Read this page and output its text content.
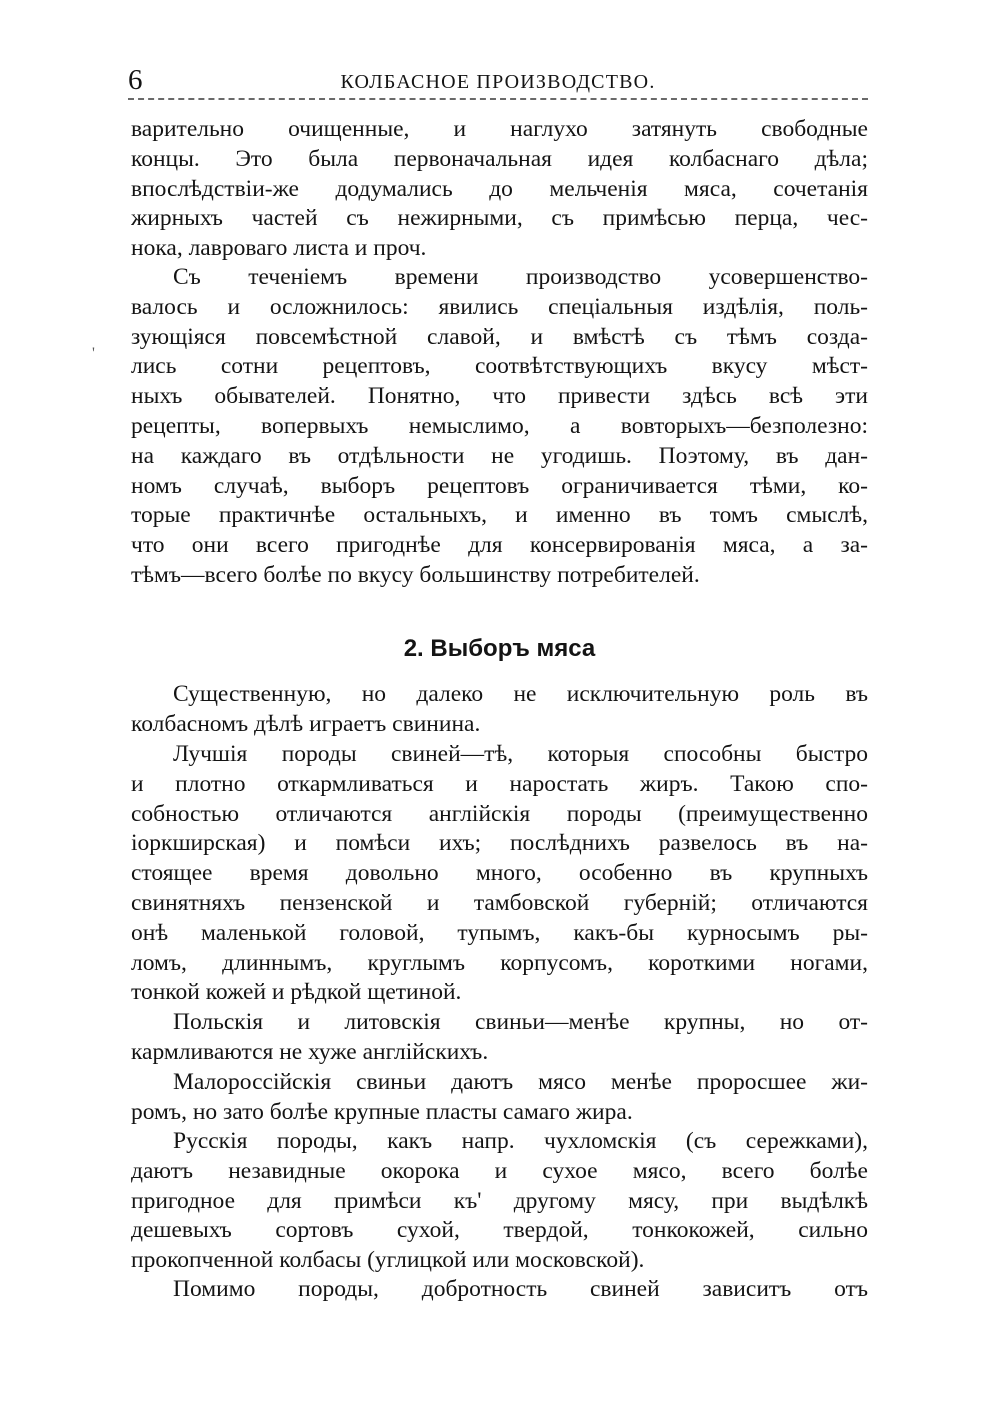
6	КОЛБАСНОЕ ПРОИЗВОДСТВО.
'
варительно очищенные, и наглухо затянуть свободные
концы. Это была первоначальная идея колбаснаго дѣла;
впослѣдствіи-же додумались до мельченія мяса, сочетанія
жирныхъ частей съ нежирными, съ примѣсью перца, чес-
нока, лавроваго листа и проч.
Съ теченіемъ времени производство усовершенство-
валось и осложнилось: явились спеціальныя издѣлія, поль-
зующіяся повсемѣстной славой, и вмѣстѣ съ тѣмъ созда-
лись сотни рецептовъ, соотвѣтствующихъ вкусу мѣст-
ныхъ обывателей. Понятно, что привести здѣсь всѣ эти
рецепты, вопервыхъ немыслимо, а вовторыхъ—безполезно:
на каждаго въ отдѣльности не угодишь. Поэтому, въ дан-
номъ случаѣ, выборъ рецептовъ ограничивается тѣми, ко-
торые практичнѣе остальныхъ, и именно въ томъ смыслѣ,
что они всего пригоднѣе для консервированія мяса, а за-
тѣмъ—всего болѣе по вкусу большинству потребителей.
2. Выборъ мяса
Существенную, но далеко не исключительную роль въ
колбасномъ дѣлѣ играетъ свинина.
Лучшія породы свиней—тѣ, которыя способны быстро
и плотно откармливаться и наростать жиръ. Такою спо-
собностью отличаются англійскія породы (преимущественно
іоркширская) и помѣси ихъ; послѣднихъ развелось въ на-
стоящее время довольно много, особенно въ крупныхъ
свинятняхъ пензенской и тамбовской губерній; отличаются
онѣ маленькой головой, тупымъ, какъ-бы курносымъ ры-
ломъ, длиннымъ, круглымъ корпусомъ, короткими ногами,
тонкой кожей и рѣдкой щетиной.
Польскія и литовскія свиньи—менѣе крупны, но от-
кармливаются не хуже англійскихъ.
Малороссійскія свиньи даютъ мясо менѣе проросшее жи-
ромъ, но зато болѣе крупные пласты самаго жира.
Русскія породы, какъ напр. чухломскія (съ сережками),
даютъ незавидные окорока и сухое мясо, всего болѣе
пригодное для примѣси къ' другому мясу, при выдѣлкѣ
дешевыхъ сортовъ сухой, твердой, тонкокожей, сильно
прокопченной колбасы (углицкой или московской).
Помимо породы, добротность свиней зависитъ отъ
